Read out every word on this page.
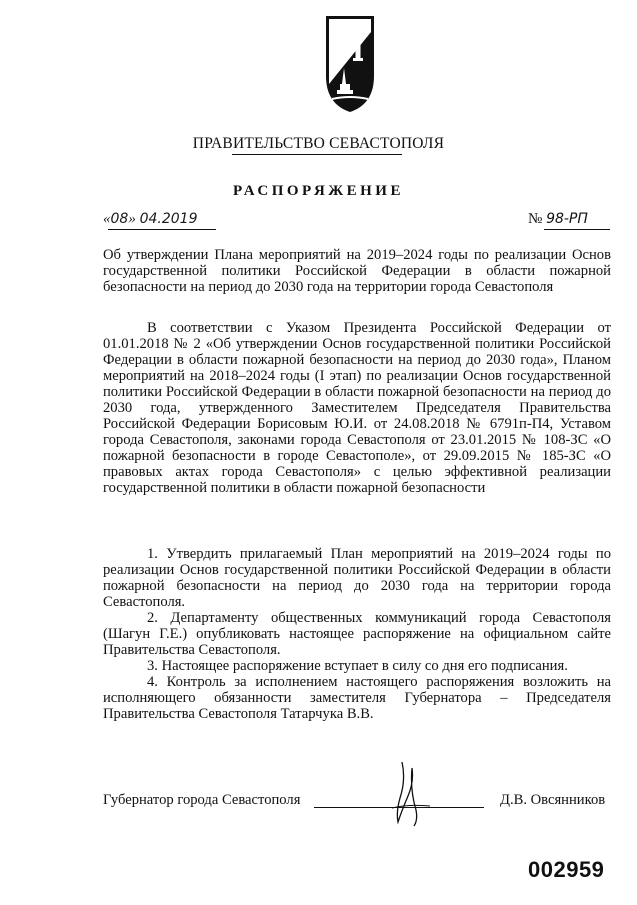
ПРАВИТЕЛЬСТВО СЕВАСТОПОЛЯ
РАСПОРЯЖЕНИЕ
«08» 04.2019	№ 98-РП
Об утверждении Плана мероприятий на 2019–2024 годы по реализации Основ государственной политики Российской Федерации в области пожарной безопасности на период до 2030 года на территории города Севастополя
В соответствии с Указом Президента Российской Федерации от 01.01.2018 № 2 «Об утверждении Основ государственной политики Российской Федерации в области пожарной безопасности на период до 2030 года», Планом мероприятий на 2018–2024 годы (I этап) по реализации Основ государственной политики Российской Федерации в области пожарной безопасности на период до 2030 года, утвержденного Заместителем Председателя Правительства Российской Федерации Борисовым Ю.И. от 24.08.2018 № 6791п-П4, Уставом города Севастополя, законами города Севастополя от 23.01.2015 № 108-ЗС «О пожарной безопасности в городе Севастополе», от 29.09.2015 № 185-ЗС «О правовых актах города Севастополя» с целью эффективной реализации государственной политики в области пожарной безопасности

1. Утвердить прилагаемый План мероприятий на 2019–2024 годы по реализации Основ государственной политики Российской Федерации в области пожарной безопасности на период до 2030 года на территории города Севастополя.

2. Департаменту общественных коммуникаций города Севастополя (Шагун Г.Е.) опубликовать настоящее распоряжение на официальном сайте Правительства Севастополя.

3. Настоящее распоряжение вступает в силу со дня его подписания.

4. Контроль за исполнением настоящего распоряжения возложить на исполняющего обязанности заместителя Губернатора – Председателя Правительства Севастополя Татарчука В.В.

Губернатор города Севастополя	Д.В. Овсянников
002959
